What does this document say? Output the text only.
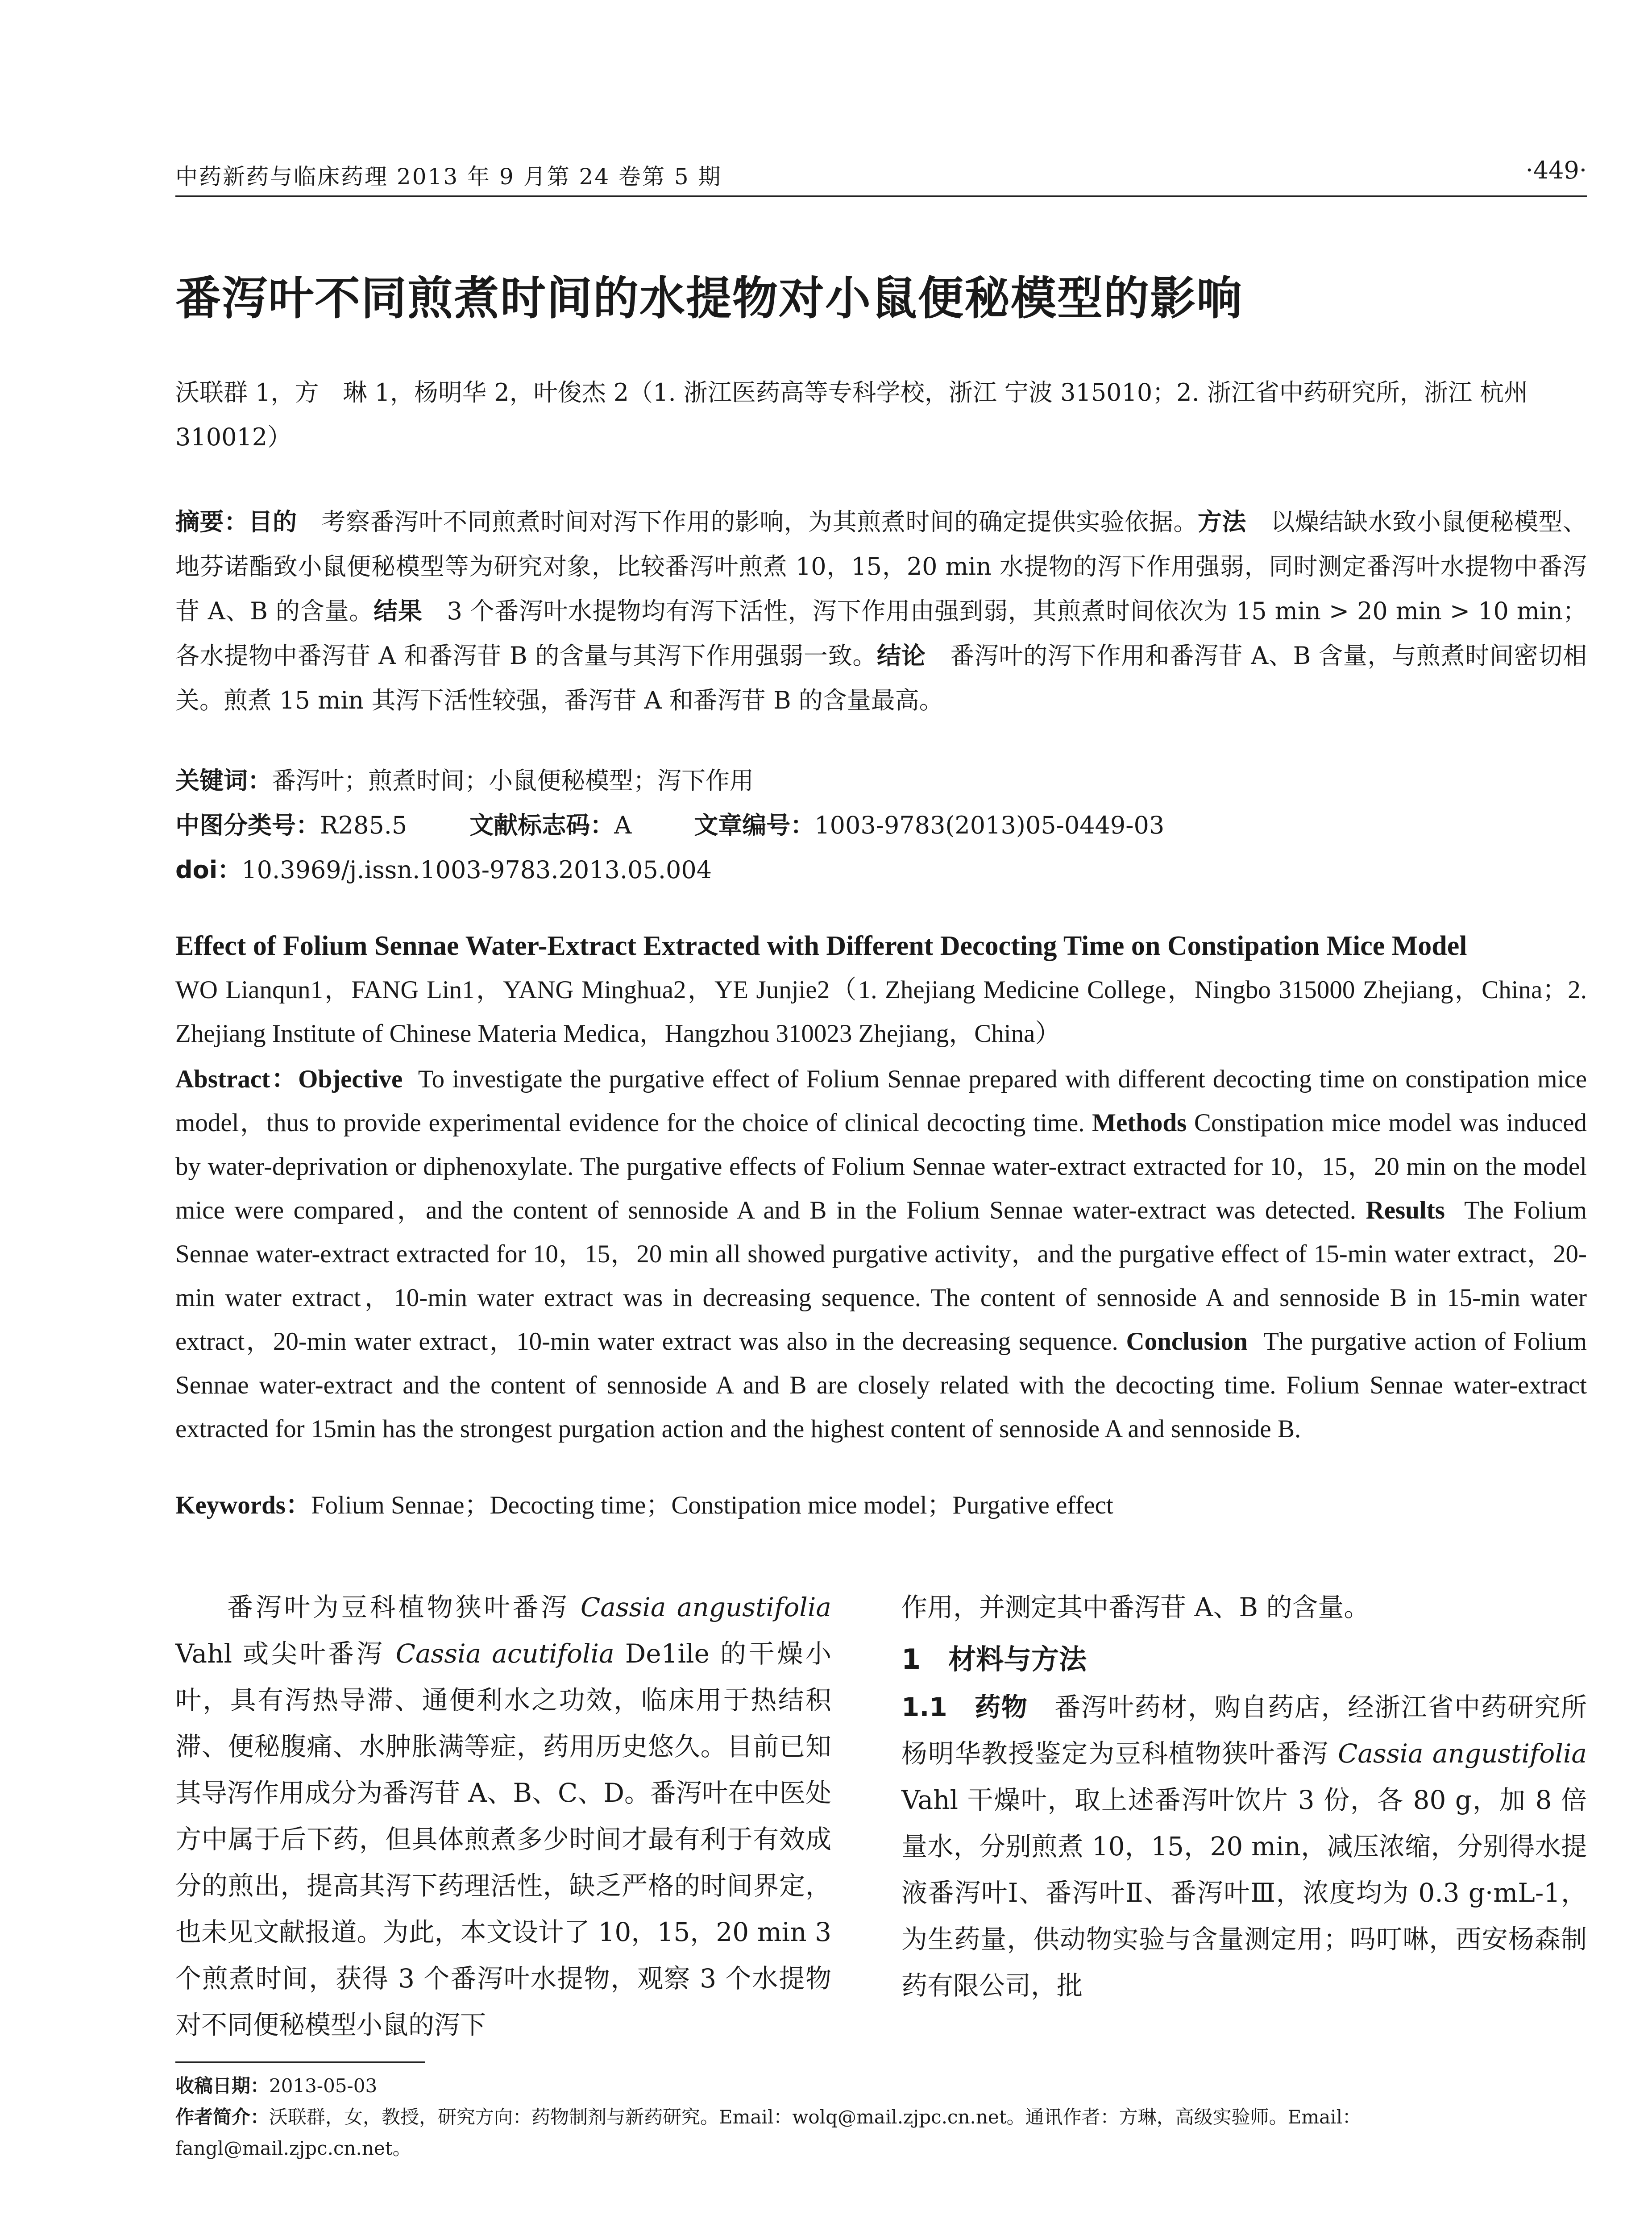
中药新药与临床药理 2013 年 9 月第 24 卷第 5 期	·449·
番泻叶不同煎煮时间的水提物对小鼠便秘模型的影响
沃联群 1，方　琳 1，杨明华 2，叶俊杰 2（1. 浙江医药高等专科学校，浙江 宁波 315010；2. 浙江省中药研究所，浙江 杭州 310012）
摘要：目的　 考察番泻叶不同煎煮时间对泻下作用的影响，为其煎煮时间的确定提供实验依据。方法　 以燥结缺水致小鼠便秘模型、地芬诺酯致小鼠便秘模型等为研究对象，比较番泻叶煎煮 10，15，20 min 水提物的泻下作用强弱，同时测定番泻叶水提物中番泻苷 A、B 的含量。结果　 3 个番泻叶水提物均有泻下活性，泻下作用由强到弱，其煎煮时间依次为 15 min > 20 min > 10 min；各水提物中番泻苷 A 和番泻苷 B 的含量与其泻下作用强弱一致。结论　 番泻叶的泻下作用和番泻苷 A、B 含量，与煎煮时间密切相关。煎煮 15 min 其泻下活性较强，番泻苷 A 和番泻苷 B 的含量最高。
关键词：番泻叶；煎煮时间；小鼠便秘模型；泻下作用
中图分类号：R285.5	文献标志码：A	文章编号：1003-9783(2013)05-0449-03
doi：10.3969/j.issn.1003-9783.2013.05.004
Effect of Folium Sennae Water-Extract Extracted with Different Decocting Time on Constipation Mice Model
WO Lianqun1，FANG Lin1，YANG Minghua2，YE Junjie2（1. Zhejiang Medicine College，Ningbo 315000 Zhejiang，China；2. Zhejiang Institute of Chinese Materia Medica，Hangzhou 310023 Zhejiang，China）
Abstract：Objective To investigate the purgative effect of Folium Sennae prepared with different decocting time on constipation mice model，thus to provide experimental evidence for the choice of clinical decocting time. Methods Constipation mice model was induced by water-deprivation or diphenoxylate. The purgative effects of Folium Sennae water-extract extracted for 10，15，20 min on the model mice were compared，and the content of sennoside A and B in the Folium Sennae water-extract was detected. Results The Folium Sennae water-extract extracted for 10，15，20 min all showed purgative activity，and the purgative effect of 15-min water extract，20-min water extract，10-min water extract was in decreasing sequence. The content of sennoside A and sennoside B in 15-min water extract，20-min water extract，10-min water extract was also in the decreasing sequence. Conclusion The purgative action of Folium Sennae water-extract and the content of sennoside A and B are closely related with the decocting time. Folium Sennae water-extract extracted for 15min has the strongest purgation action and the highest content of sennoside A and sennoside B.
Keywords：Folium Sennae；Decocting time；Constipation mice model；Purgative effect

番泻叶为豆科植物狭叶番泻 Cassia angustifolia Vahl 或尖叶番泻 Cassia acutifolia De1ile 的干燥小叶，具有泻热导滞、通便利水之功效，临床用于热结积滞、便秘腹痛、水肿胀满等症，药用历史悠久。目前已知其导泻作用成分为番泻苷 A、B、C、D。番泻叶在中医处方中属于后下药，但具体煎煮多少时间才最有利于有效成分的煎出，提高其泻下药理活性，缺乏严格的时间界定，也未见文献报道。为此，本文设计了 10，15，20 min 3 个煎煮时间，获得 3 个番泻叶水提物，观察 3 个水提物对不同便秘模型小鼠的泻下

作用，并测定其中番泻苷 A、B 的含量。

1　材料与方法

1.1　药物　番泻叶药材，购自药店，经浙江省中药研究所杨明华教授鉴定为豆科植物狭叶番泻 Cassia angustifolia Vahl 干燥叶，取上述番泻叶饮片 3 份，各 80 g，加 8 倍量水，分别煎煮 10，15，20 min，减压浓缩，分别得水提液番泻叶Ⅰ、番泻叶Ⅱ、番泻叶Ⅲ，浓度均为 0.3 g·mL-1，为生药量，供动物实验与含量测定用；吗叮啉，西安杨森制药有限公司，批

收稿日期：2013-05-03
作者简介：沃联群，女，教授，研究方向：药物制剂与新药研究。Email：wolq@mail.zjpc.cn.net。通讯作者：方琳，高级实验师。Email：fangl@mail.zjpc.cn.net。
